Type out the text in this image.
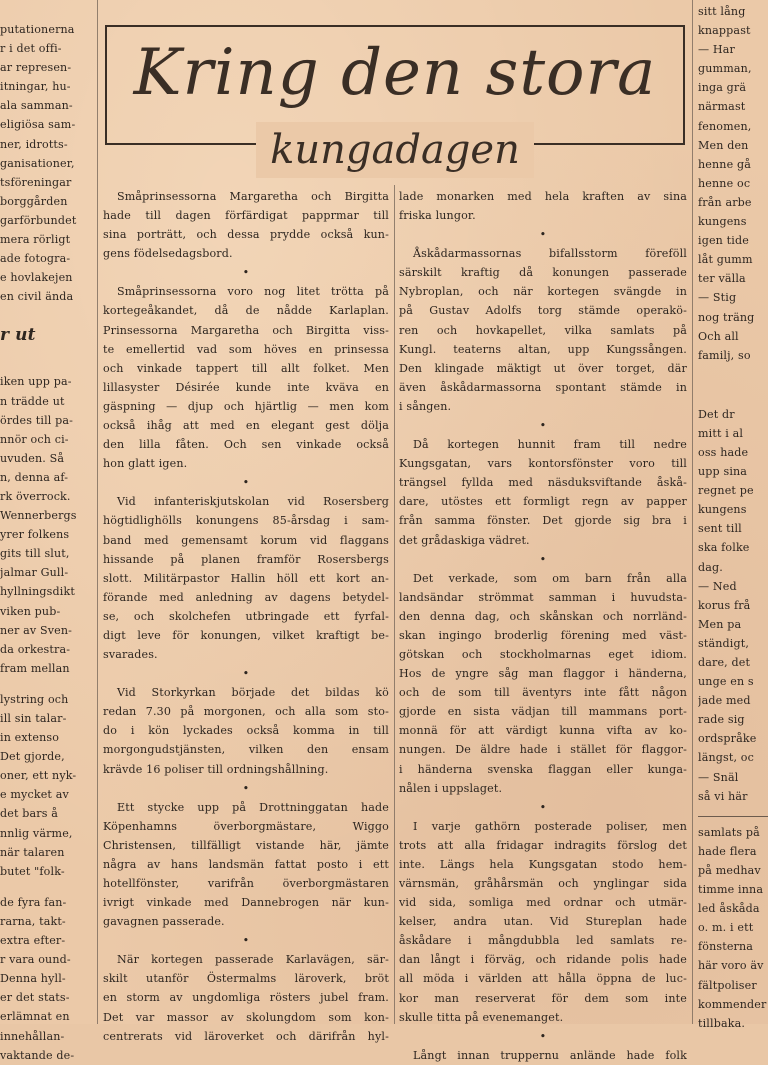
Kring den stora
kungadagen
putationerna
r i det offi-
ar represen-
itningar, hu-
ala samman-
eligiösa sam-
ner, idrotts-
ganisationer,
tsföreningar
borggården
garförbundet
mera rörligt
ade fotogra-
e hovlakejen
en civil ända
r ut
iken upp pa-
n trädde ut
ördes till pa-
nnör och ci-
uvuden. Så
n, denna af-
rk överrock.
Wennerbergs
yrer folkens
gits till slut,
jalmar Gull-
hyllningsdikt
viken pub-
ner av Sven-
da orkestra-
fram mellan
lystring och
ill sin talar-
in extenso
Det gjorde,
oner, ett nyk-
e mycket av
det bars å
nnlig värme,
när talaren
butet "folk-
de fyra fan-
rarna, takt-
extra efter-
r vara ound-
Denna hyll-
er det stats-
erlämnat en
innehållan-
vaktande de-
Småprinsessorna Margaretha och Birgitta
hade till dagen förfärdigat papprmar till
sina porträtt, och dessa prydde också kun-
gens födelsedagsbord.
•
Småprinsessorna voro nog litet trötta på
kortegeåkandet, då de nådde Karlaplan.
Prinsessorna Margaretha och Birgitta viss-
te emellertid vad som höves en prinsessa
och vinkade tappert till allt folket. Men
lillasyster Désirée kunde inte kväva en
gäspning — djup och hjärtlig — men kom
också ihåg att med en elegant gest dölja
den lilla fåten. Och sen vinkade också
hon glatt igen.
•
Vid infanteriskjutskolan vid Rosersberg
högtidlighölls konungens 85-årsdag i sam-
band med gemensamt korum vid flaggans
hissande på planen framför Rosersbergs
slott. Militärpastor Hallin höll ett kort an-
förande med anledning av dagens betydel-
se, och skolchefen utbringade ett fyrfal-
digt leve för konungen, vilket kraftigt be-
svarades.
•
Vid Storkyrkan började det bildas kö
redan 7.30 på morgonen, och alla som sto-
do i kön lyckades också komma in till
morgongudstjänsten, vilken den ensam
krävde 16 poliser till ordningshållning.
•
Ett stycke upp på Drottninggatan hade
Köpenhamns överborgmästare, Wiggo
Christensen, tillfälligt vistande här, jämte
några av hans landsmän fattat posto i ett
hotellfönster, varifrån överborgmästaren
ivrigt vinkade med Dannebrogen när kun-
gavagnen passerade.
•
När kortegen passerade Karlavägen, sär-
skilt utanför Östermalms läroverk, bröt
en storm av ungdomliga rösters jubel fram.
Det var massor av skolungdom som kon-
centrerats vid läroverket och därifrån hyl-
lade monarken med hela kraften av sina
friska lungor.
•
Åskådarmassornas bifallsstorm föreföll
särskilt kraftig då konungen passerade
Nybroplan, och när kortegen svängde in
på Gustav Adolfs torg stämde operakö-
ren och hovkapellet, vilka samlats på
Kungl. teaterns altan, upp Kungssången.
Den klingade mäktigt ut över torget, där
även åskådarmassorna spontant stämde in
i sången.
•
Då kortegen hunnit fram till nedre
Kungsgatan, vars kontorsfönster voro till
trängsel fyllda med näsduksviftande åskå-
dare, utöstes ett formligt regn av papper
från samma fönster. Det gjorde sig bra i
det grådaskiga vädret.
•
Det verkade, som om barn från alla
landsändar strömmat samman i huvudsta-
den denna dag, och skånskan och norrländ-
skan ingingo broderlig förening med väst-
götskan och stockholmarnas eget idiom.
Hos de yngre såg man flaggor i händerna,
och de som till äventyrs inte fått någon
gjorde en sista vädjan till mammans port-
monnä för att värdigt kunna vifta av ko-
nungen. De äldre hade i stället för flaggor-
i händerna svenska flaggan eller kunga-
nålen i uppslaget.
•
I varje gathörn posterade poliser, men
trots att alla fridagar indragits förslog det
inte. Längs hela Kungsgatan stodo hem-
värnsmän, gråhårsmän och ynglingar sida
vid sida, somliga med ordnar och utmär-
kelser, andra utan. Vid Stureplan hade
åskådare i mångdubbla led samlats re-
dan långt i förväg, och ridande polis hade
all möda i världen att hålla öppna de luc-
kor man reserverat för dem som inte
skulle titta på evenemanget.
•
Långt innan truppernu anlände hade folk
sitt lång
knappast
— Har
gumman,
inga grä
närmast
fenomen,
Men den
henne gå
henne oc
från arbe
kungens
igen tide
låt gumm
ter välla
— Stig
nog träng
Och all
familj, so
Det dr
mitt i al
oss hade
upp sina
regnet pe
kungens
sent till
ska folke
dag.
— Ned
korus frå
Men pa
ständigt,
dare, det
unge en s
jade med
rade sig
ordspråke
längst, oc
— Snäl
så vi här
samlats på
hade flera
på medhav
timme inna
led åskåda
o. m. i ett
fönsterna
här voro äv
fältpoliser
kommender
tillbaka.
